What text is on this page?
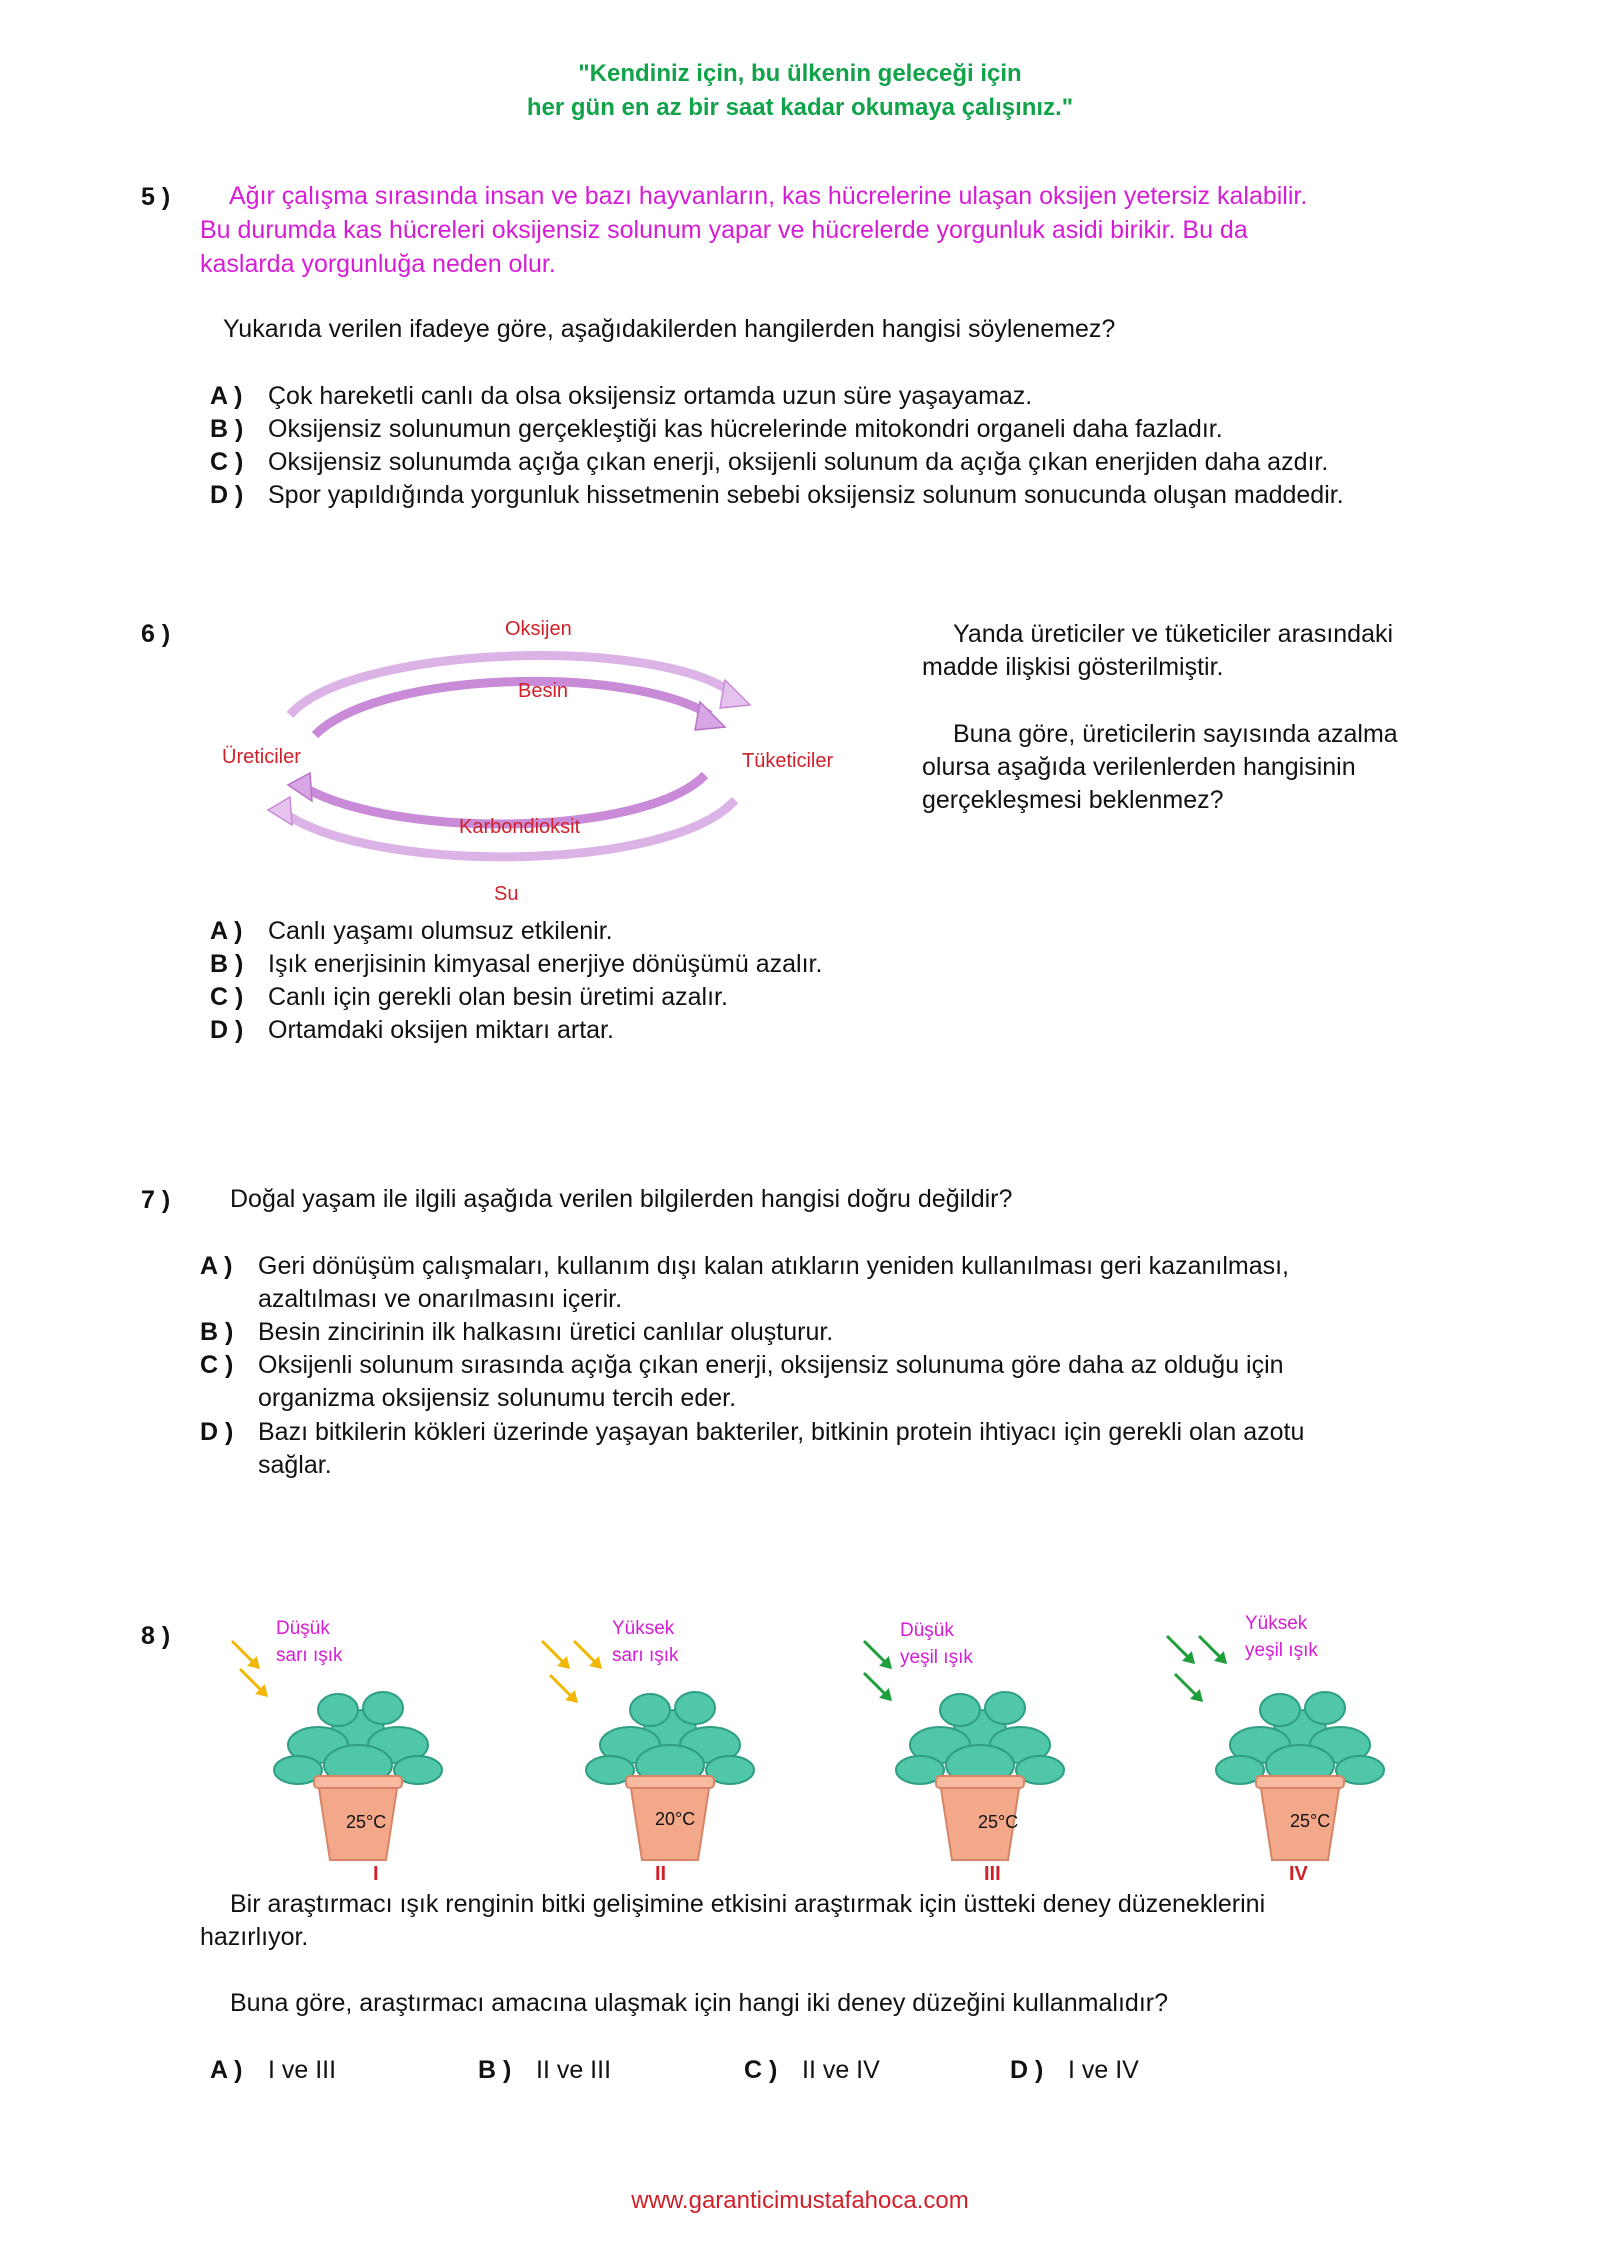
"Kendiniz için, bu ülkenin geleceği için
her gün en az bir saat kadar okumaya çalışınız."
5 ) Ağır çalışma sırasında insan ve bazı hayvanların, kas hücrelerine ulaşan oksijen yetersiz kalabilir.
Bu durumda kas hücreleri oksijensiz solunum yapar ve hücrelerde yorgunluk asidi birikir. Bu da
kaslarda yorgunluğa neden olur.
Yukarıda verilen ifadeye göre, aşağıdakilerden hangilerden hangisi söylenemez?
A ) Çok hareketli canlı da olsa oksijensiz ortamda uzun süre yaşayamaz.
B ) Oksijensiz solunumun gerçekleştiği kas hücrelerinde mitokondri organeli daha fazladır.
C ) Oksijensiz solunumda açığa çıkan enerji, oksijenli solunum da açığa çıkan enerjiden daha azdır.
D ) Spor yapıldığında yorgunluk hissetmenin sebebi oksijensiz solunum sonucunda oluşan maddedir.
6 )	Oksijen
Besin
Üreticiler	Tüketiciler
Karbondioksit
Su
Yanda üreticiler ve tüketiciler arasındaki
madde ilişkisi gösterilmiştir.
Buna göre, üreticilerin sayısında azalma
olursa aşağıda verilenlerden hangisinin
gerçekleşmesi beklenmez?
A ) Canlı yaşamı olumsuz etkilenir.
B ) Işık enerjisinin kimyasal enerjiye dönüşümü azalır.
C ) Canlı için gerekli olan besin üretimi azalır.
D ) Ortamdaki oksijen miktarı artar.
7 ) Doğal yaşam ile ilgili aşağıda verilen bilgilerden hangisi doğru değildir?
A ) Geri dönüşüm çalışmaları, kullanım dışı kalan atıkların yeniden kullanılması geri kazanılması,
azaltılması ve onarılmasını içerir.
B ) Besin zincirinin ilk halkasını üretici canlılar oluşturur.
C ) Oksijenli solunum sırasında açığa çıkan enerji, oksijensiz solunuma göre daha az olduğu için
organizma oksijensiz solunumu tercih eder.
D ) Bazı bitkilerin kökleri üzerinde yaşayan bakteriler, bitkinin protein ihtiyacı için gerekli olan azotu
sağlar.
8 )	Düşük
sarı ışık
25°C
I
Yüksek
sarı ışık
20°C
II
Düşük
yeşil ışık
25°C
III
Yüksek
yeşil ışık
25°C
IV
Bir araştırmacı ışık renginin bitki gelişimine etkisini araştırmak için üstteki deney düzeneklerini
hazırlıyor.
Buna göre, araştırmacı amacına ulaşmak için hangi iki deney düzeğini kullanmalıdır?
A ) I ve III	B ) II ve III	C ) II ve IV	D ) I ve IV
www.garanticimustafahoca.com
